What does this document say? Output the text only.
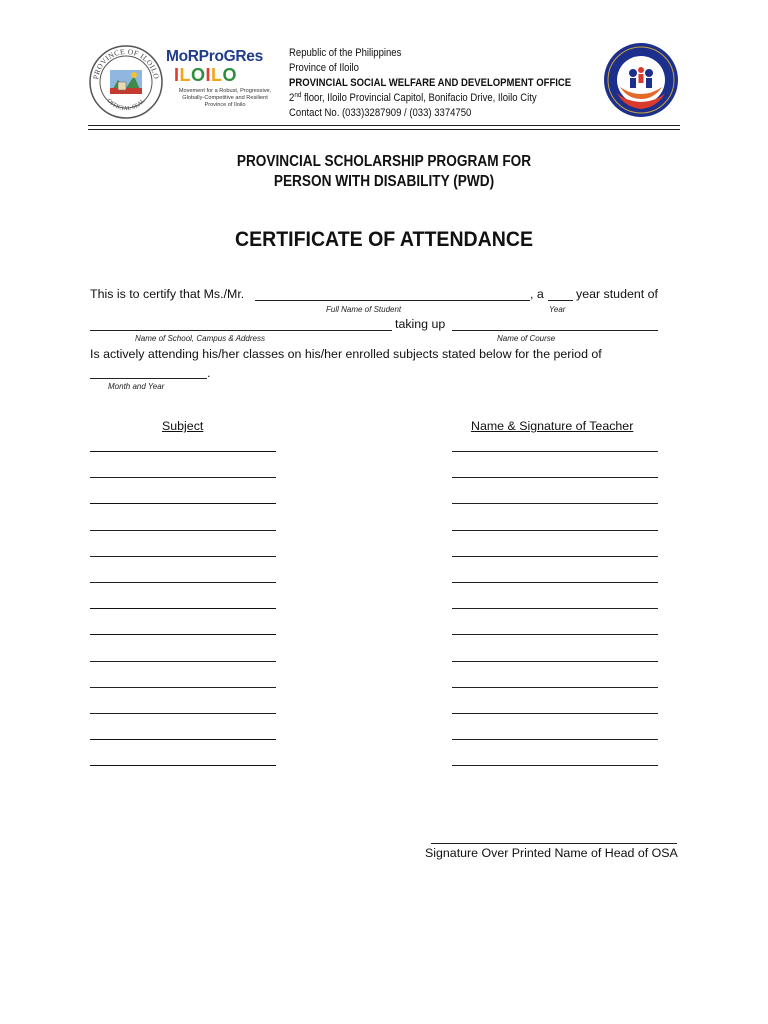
PROVINCE OF ILOILO
OFFICIAL SEAL
MoRProGRes
ILOILO
Movement for a Robust, Progressive,
Globally-Competitive and Resilient
Province of Iloilo
Republic of the Philippines
Province of Iloilo
PROVINCIAL SOCIAL WELFARE AND DEVELOPMENT OFFICE
2nd floor, Iloilo Provincial Capitol, Bonifacio Drive, Iloilo City
Contact No. (033)3287909 / (033) 3374750
PROVINCIAL SCHOLARSHIP PROGRAM FOR
PERSON WITH DISABILITY (PWD)
CERTIFICATE OF ATTENDANCE
This is to certify that Ms./Mr.	, a	year student of
Full Name of Student	Year
taking up
Name of School, Campus & Address	Name of Course
Is actively attending his/her classes on his/her enrolled subjects stated below for the period of
.
Month and Year
Subject	Name & Signature of Teacher
Signature Over Printed Name of Head of OSA
